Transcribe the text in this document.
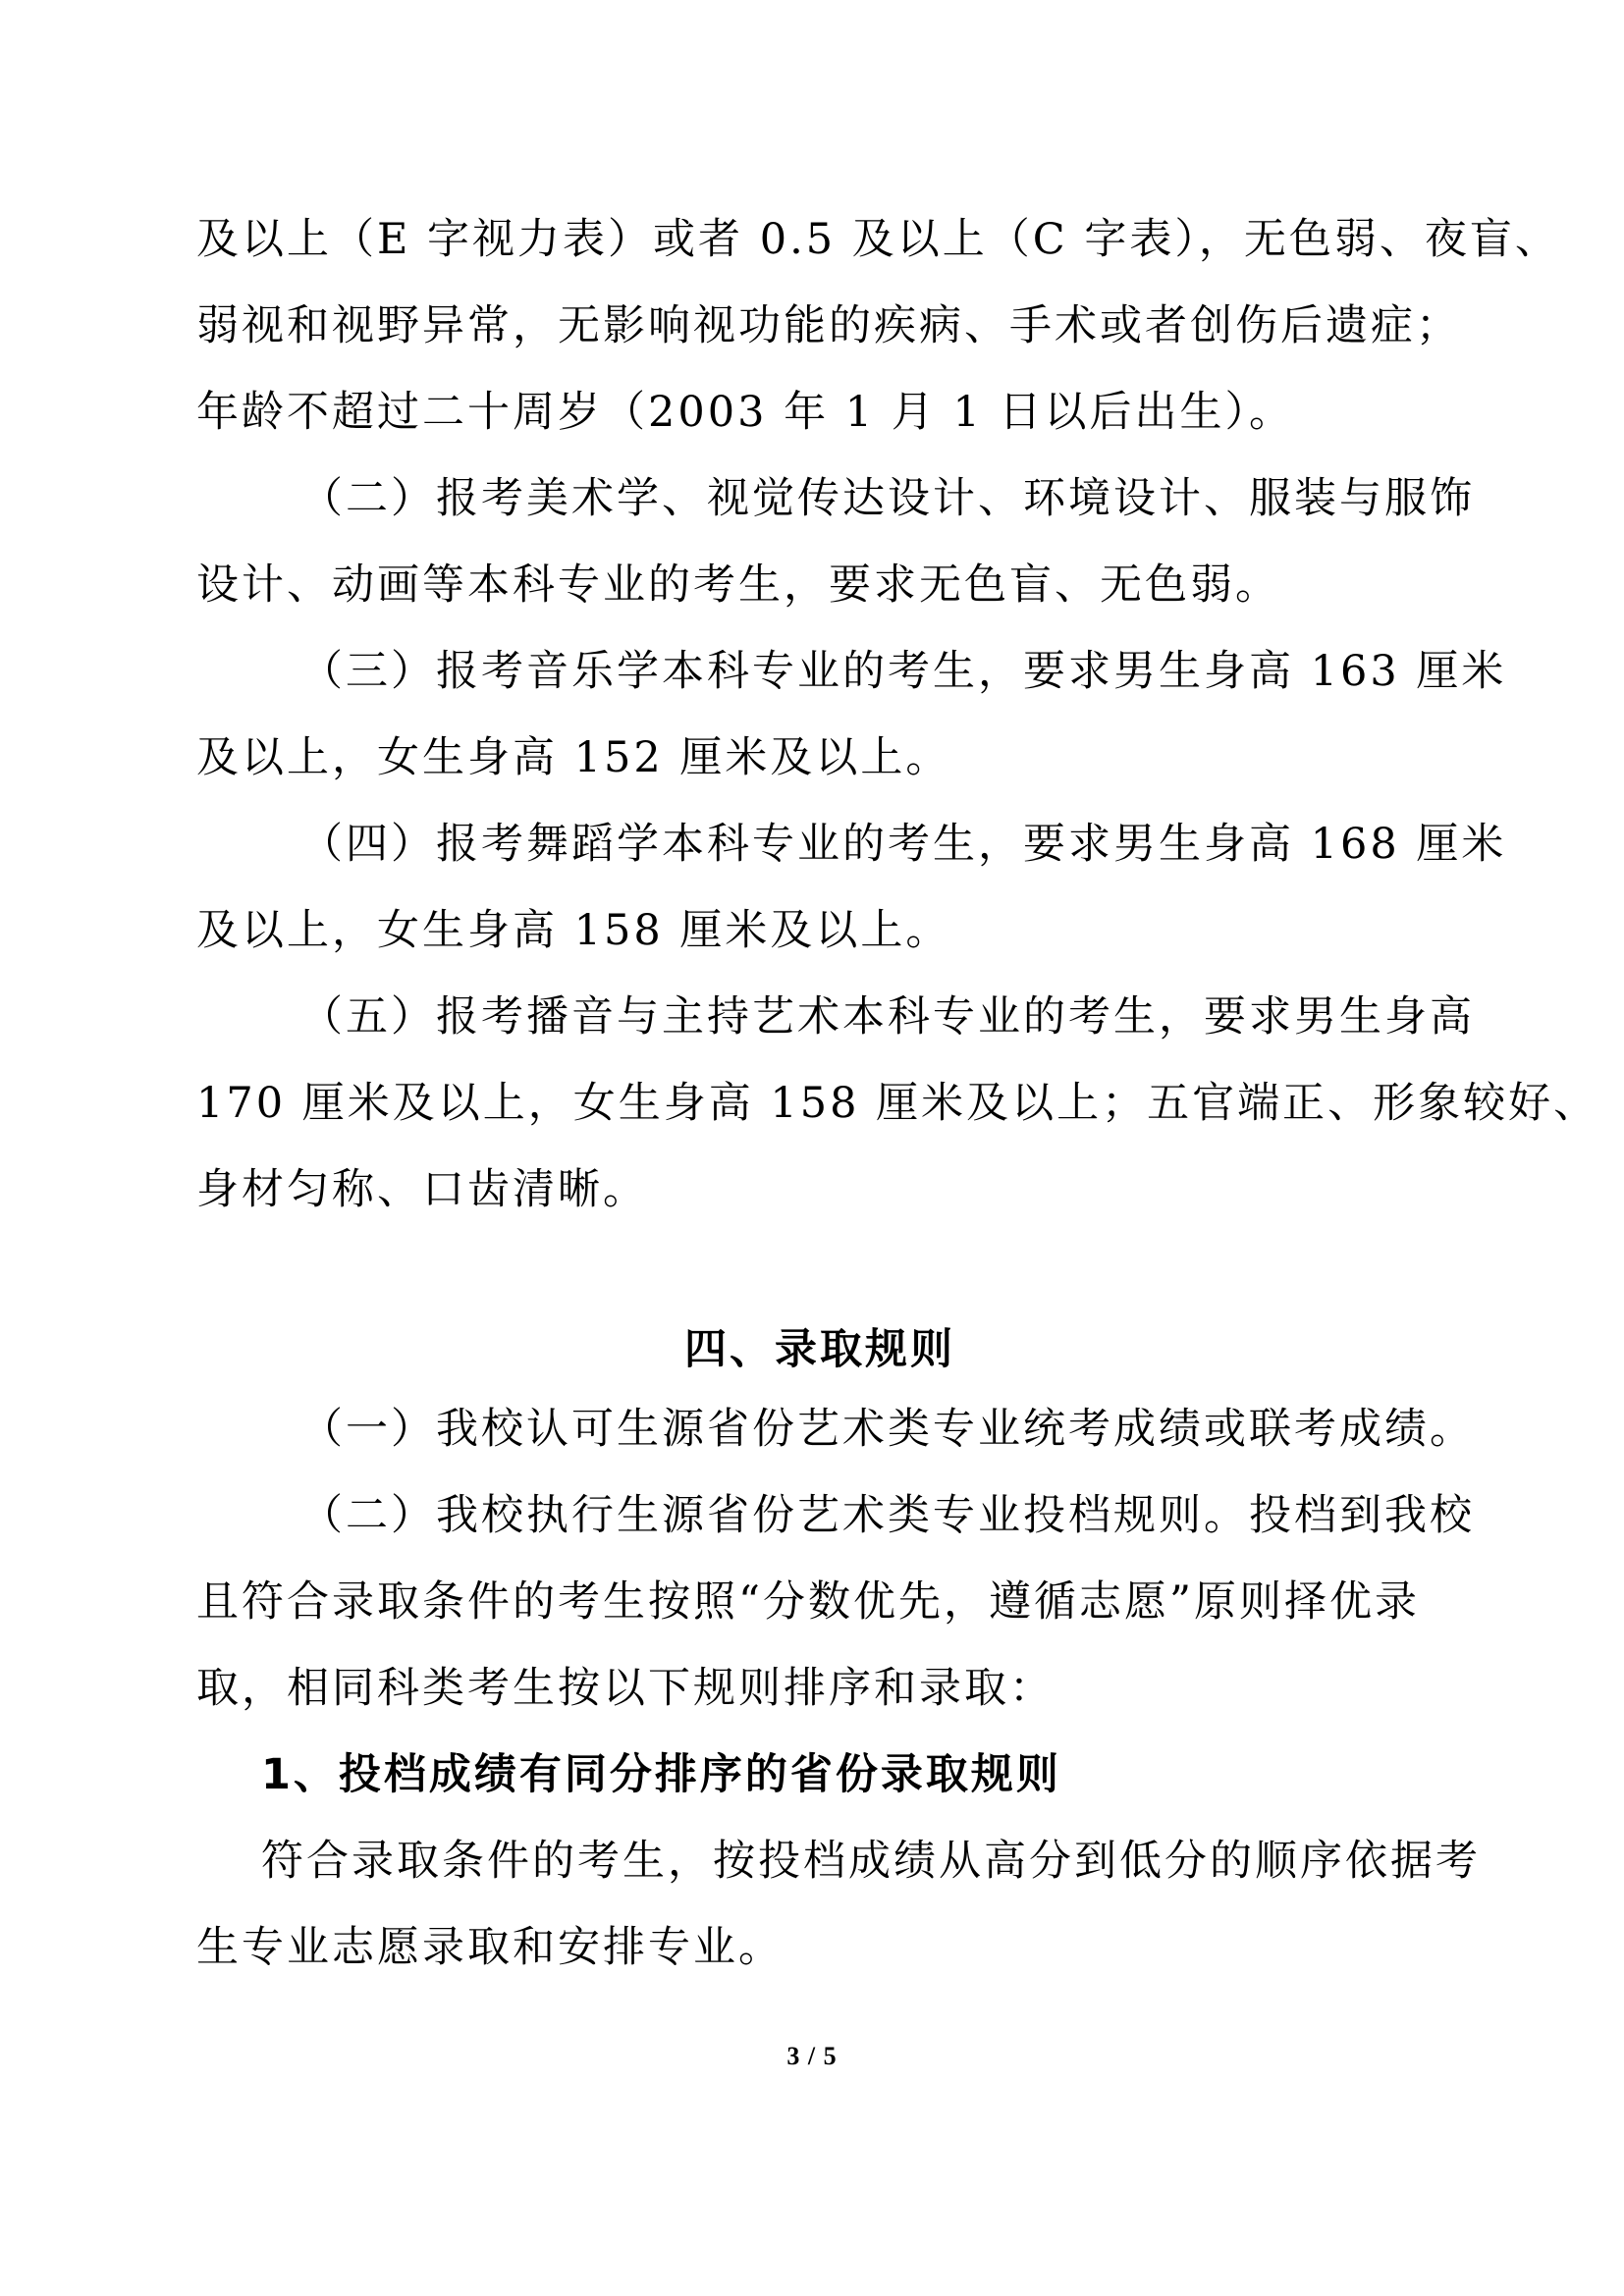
及以上（E 字视力表）或者 0.5 及以上（C 字表），无色弱、夜盲、
弱视和视野异常，无影响视功能的疾病、手术或者创伤后遗症；
年龄不超过二十周岁（2003 年 1 月 1 日以后出生）。
（二）报考美术学、视觉传达设计、环境设计、服装与服饰
设计、动画等本科专业的考生，要求无色盲、无色弱。
（三）报考音乐学本科专业的考生，要求男生身高 163 厘米
及以上，女生身高 152 厘米及以上。
（四）报考舞蹈学本科专业的考生，要求男生身高 168 厘米
及以上，女生身高 158 厘米及以上。
（五）报考播音与主持艺术本科专业的考生，要求男生身高
170 厘米及以上，女生身高 158 厘米及以上；五官端正、形象较好、
身材匀称、口齿清晰。
四、录取规则
（一）我校认可生源省份艺术类专业统考成绩或联考成绩。
（二）我校执行生源省份艺术类专业投档规则。投档到我校
且符合录取条件的考生按照“分数优先，遵循志愿”原则择优录
取，相同科类考生按以下规则排序和录取：
1、投档成绩有同分排序的省份录取规则
符合录取条件的考生，按投档成绩从高分到低分的顺序依据考
生专业志愿录取和安排专业。
3 / 5
